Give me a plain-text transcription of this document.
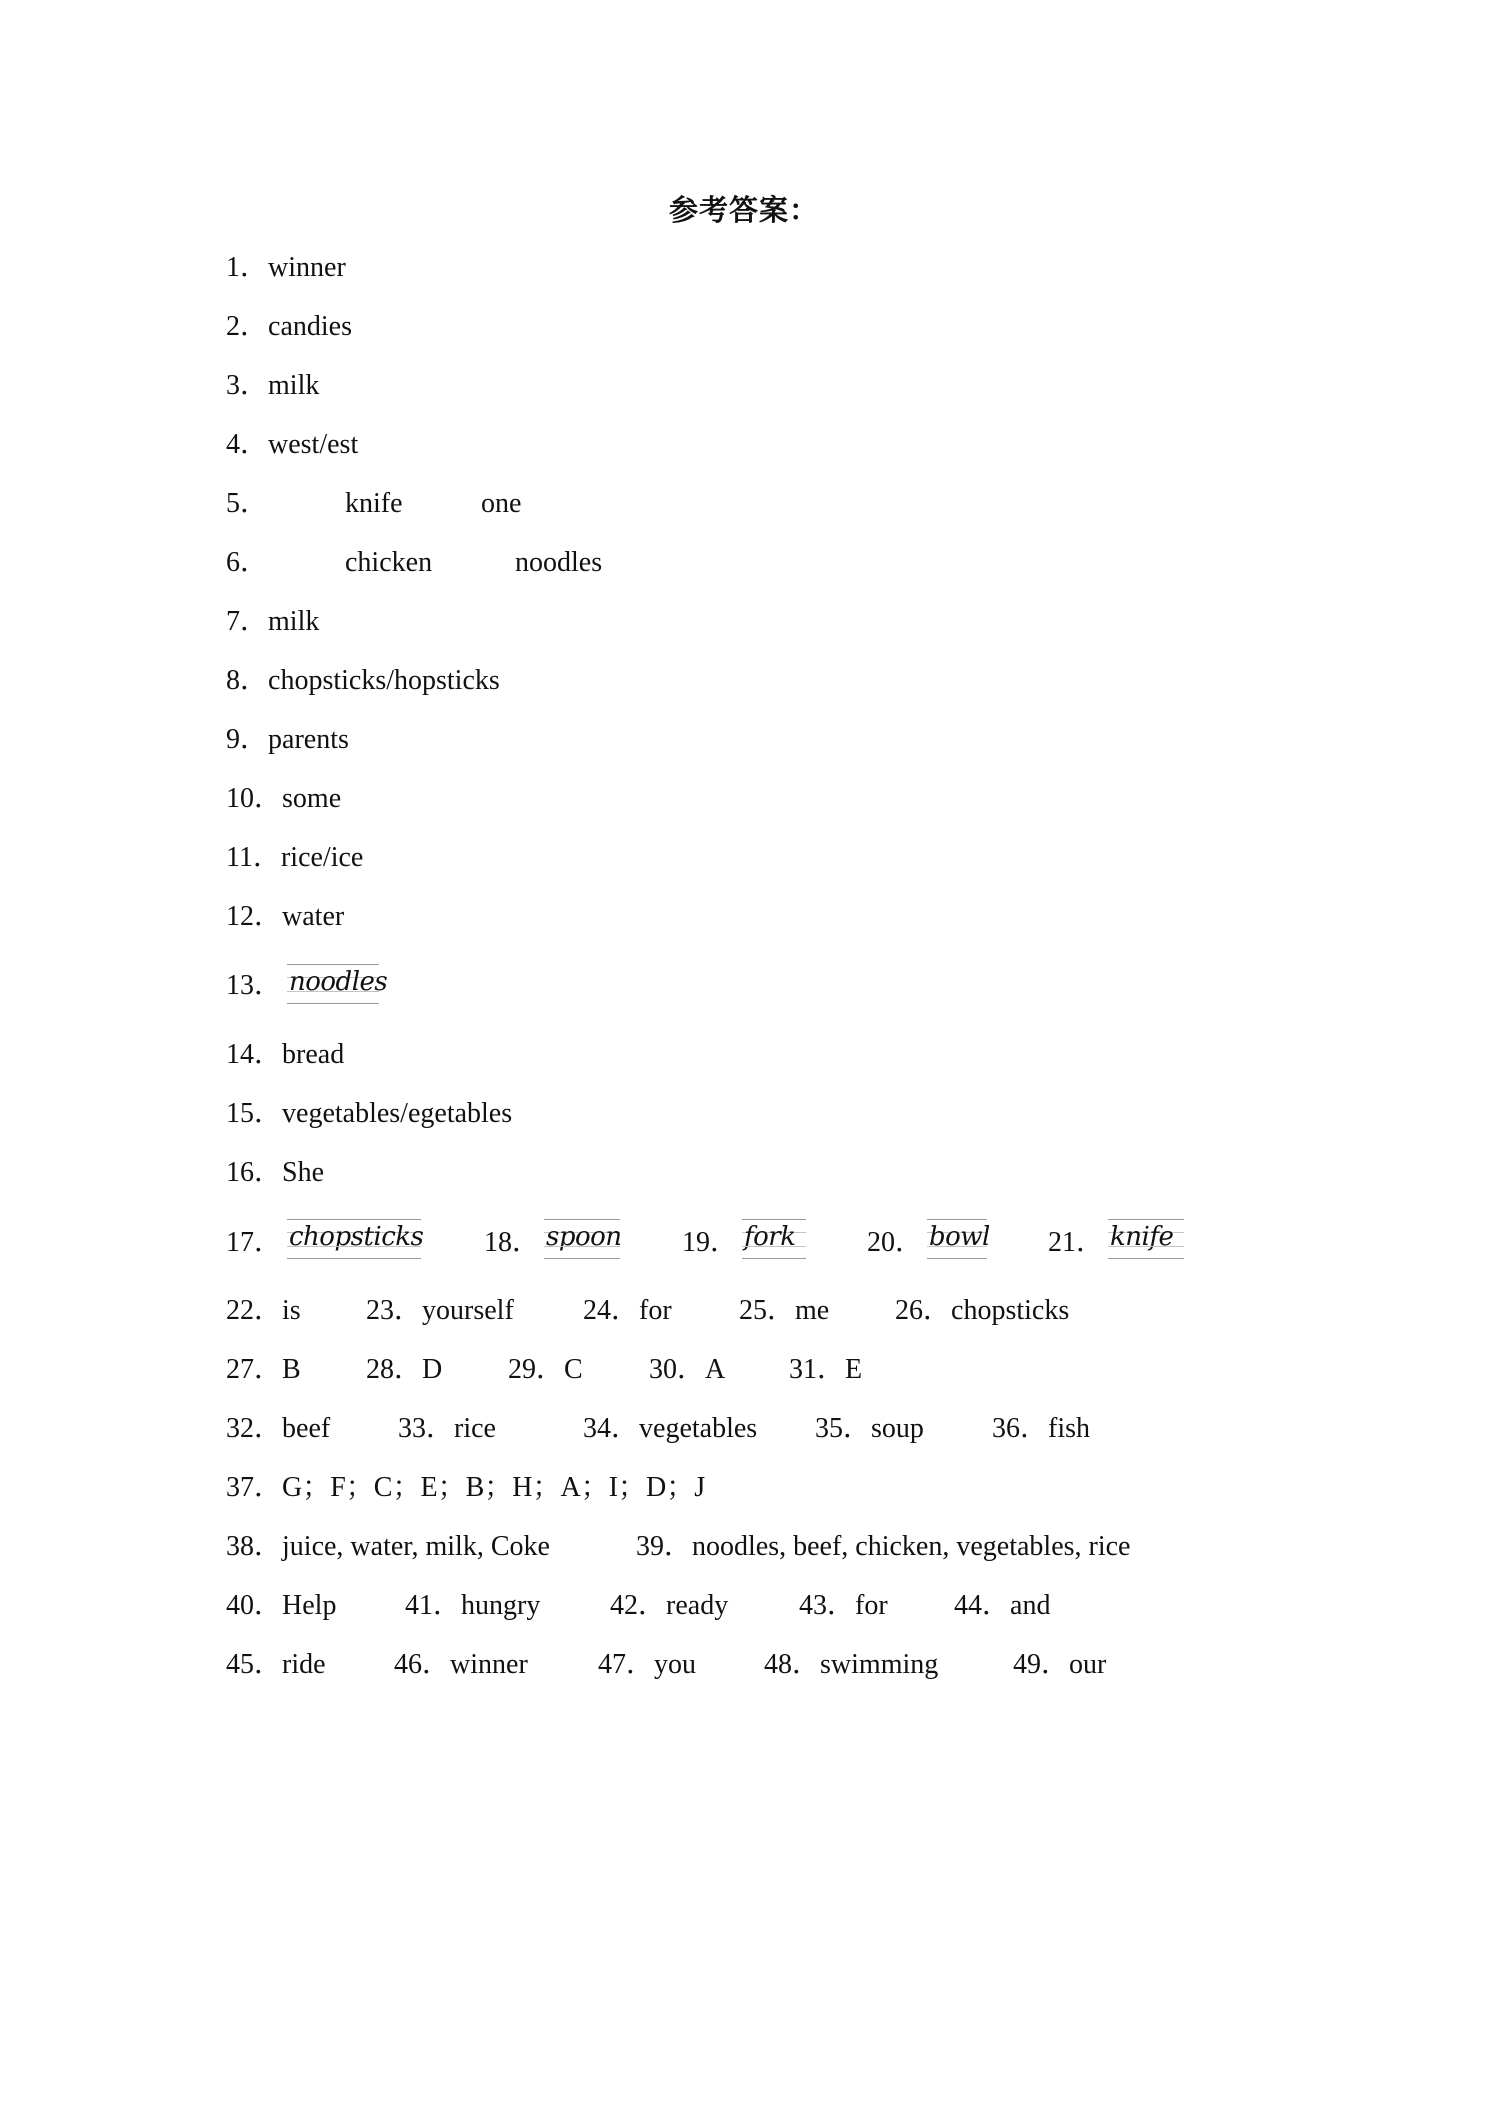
参考答案：
1．winner
2．candies
3．milk
4．west/est
5．	knife	one
6．	chicken	noodles
7．milk
8．chopsticks/hopsticks
9．parents
10．some
11．rice/ice
12．water
13． noodles
14．bread
15．vegetables/egetables
16．She
17． chopsticks 18． spoon 19． fork	20． bowl 21． knife
22．is 23．yourself 24．for 25．me 26．chopsticks
27．B 28．D 29．C 30．A 31．E
32．beef 33．rice	34．vegetables 35．soup 36．fish
37．G；F；C；E；B；H；A；I；D；J
38．juice, water, milk, Coke	39．noodles, beef, chicken, vegetables, rice
40．Help 41．hungry 42．ready	43．for 44．and
45．ride 46．winner	47．you 48．swimming	49．our
